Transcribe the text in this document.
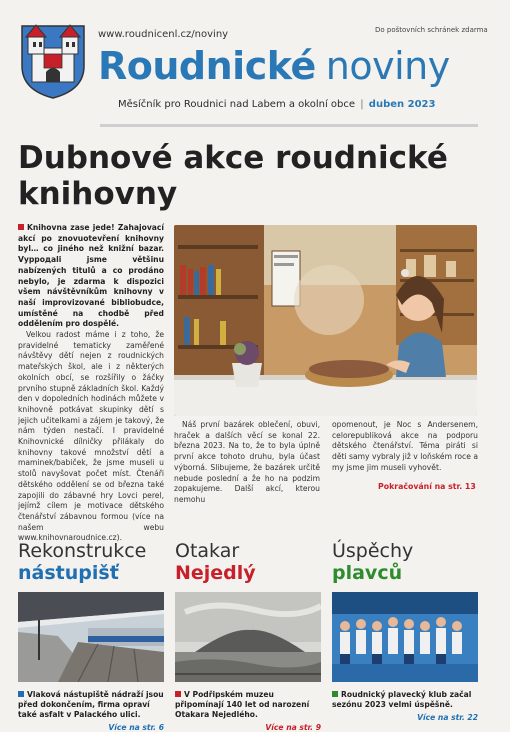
www.roudnicenl.cz/noviny	Do poštovních schránek zdarma
Roudnické noviny
Měsíčník pro Roudnici nad Labem a okolní obce | duben 2023
Dubnové akce roudnické knihovny

Knihovna zase jede! Zahajovací akcí po znovuotevření knihovny byl… co jiného než knižní bazar. Vypродali jsme většinu nabízených titulů a co prodáno nebylo, je zdarma k dispozici všem návštěvníkům knihovny v naší improvizované bibliobudce, umístěné na chodbě před oddělením pro dospělé.

Velkou radost máme i z toho, že pravidelné tematicky zaměřené návštěvy dětí nejen z roudnických mateřských škol, ale i z některých okolních obcí, se rozšířily o žáčky prvního stupně základních škol. Každý den v dopoledních hodinách můžete v knihovně potkávat skupinky dětí s jejich učitelkami a zájem je takový, že nám týden nestačí. I pravidelné Knihovnické dílničky přilákaly do knihovny takové množství dětí a maminek/babiček, že jsme museli u stolů navyšovat počet míst. Čtenáři dětského oddělení se od března také zapojili do zábavné hry Lovci perel, jejímž cílem je motivace dětského čtenářství zábavnou formou (více na našem webu www.knihovnaroudnice.cz).

Náš první bazárek oblečení, obuvi, hraček a dalších věcí se konal 22. března 2023. Na to, že to byla úplně první akce tohoto druhu, byla účast výborná. Slibujeme, že bazárek určitě nebude poslední a že ho na podzim zopakujeme. Další akcí, kterou nemohu
opomenout, je Noc s Andersenem, celorepubliková akce na podporu dětského čtenářství. Téma piráti si děti samy vybraly již v loňském roce a my jsme jim museli vyhovět.
Pokračování na str. 13
Rekonstrukce
nástupišť
Vlaková nástupiště nádraží jsou před dokončením, firma opraví také asfalt v Palackého ulici.
Více na str. 6
Otakar
Nejedlý
V Podřipském muzeu připomínají 140 let od narození Otakara Nejedlého.
Více na str. 9
Úspěchy
plavců
Roudnický plavecký klub začal sezónu 2023 velmi úspěšně.
Více na str. 22
